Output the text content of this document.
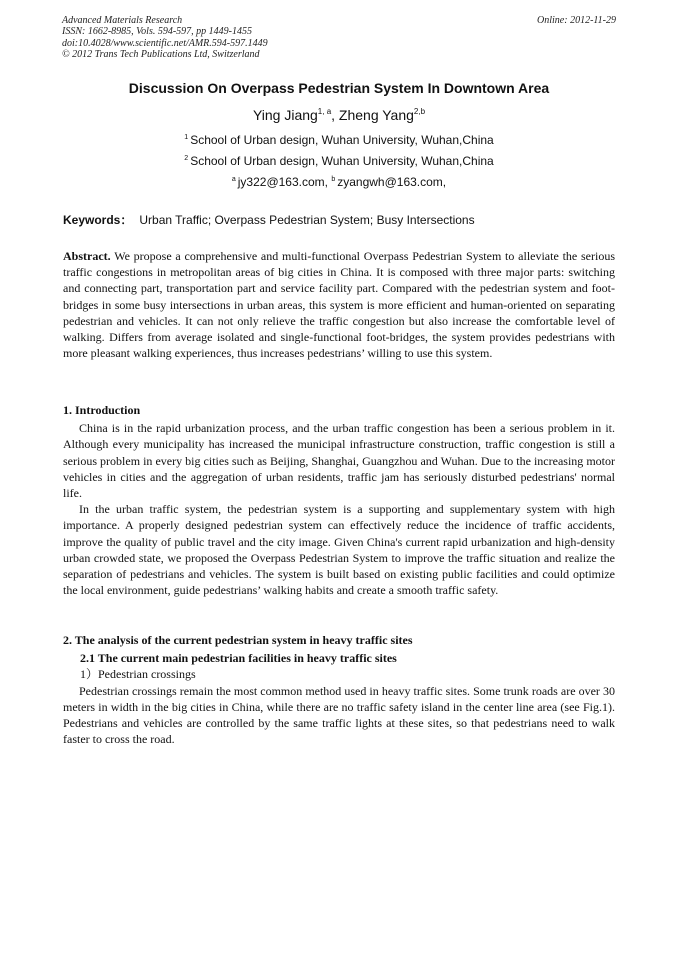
Advanced Materials Research
ISSN: 1662-8985, Vols. 594-597, pp 1449-1455
doi:10.4028/www.scientific.net/AMR.594-597.1449
© 2012 Trans Tech Publications Ltd, Switzerland
Online: 2012-11-29
Discussion On Overpass Pedestrian System In Downtown Area
Ying Jiang$^{1, a}$, Zheng Yang$^{2,b}$
$^1$ School of Urban design, Wuhan University, Wuhan,China
$^2$ School of Urban design, Wuhan University, Wuhan,China
$^a$ jy322@163.com, $^b$ zyangwh@163.com,
Keywords： Urban Traffic; Overpass Pedestrian System; Busy Intersections

Abstract. We propose a comprehensive and multi-functional Overpass Pedestrian System to alleviate the serious traffic congestions in metropolitan areas of big cities in China. It is composed with three major parts: switching and connecting part, transportation part and service facility part. Compared with the pedestrian system and foot-bridges in some busy intersections in urban areas, this system is more efficient and human-oriented on separating pedestrian and vehicles. It can not only relieve the traffic congestion but also increase the comfortable level of walking. Differs from average isolated and single-functional foot-bridges, the system provides pedestrians with more pleasant walking experiences, thus increases pedestrians’ willing to use this system.

1. Introduction

China is in the rapid urbanization process, and the urban traffic congestion has been a serious problem in it. Although every municipality has increased the municipal infrastructure construction, traffic congestion is still a serious problem in every big cities such as Beijing, Shanghai, Guangzhou and Wuhan. Due to the increasing motor vehicles in cities and the aggregation of urban residents, traffic jam has seriously disturbed pedestrians' normal life.

In the urban traffic system, the pedestrian system is a supporting and supplementary system with high importance. A properly designed pedestrian system can effectively reduce the incidence of traffic accidents, improve the quality of public travel and the city image. Given China's current rapid urbanization and high-density urban crowded state, we proposed the Overpass Pedestrian System to improve the traffic situation and realize the separation of pedestrians and vehicles. The system is built based on existing public facilities and could optimize the local environment, guide pedestrians’ walking habits and create a smooth traffic safety.

2. The analysis of the current pedestrian system in heavy traffic sites
2.1 The current main pedestrian facilities in heavy traffic sites
1）Pedestrian crossings

Pedestrian crossings remain the most common method used in heavy traffic sites. Some trunk roads are over 30 meters in width in the big cities in China, while there are no traffic safety island in the center line area (see Fig.1). Pedestrians and vehicles are controlled by the same traffic lights at these sites, so that pedestrians need to walk faster to cross the road.
